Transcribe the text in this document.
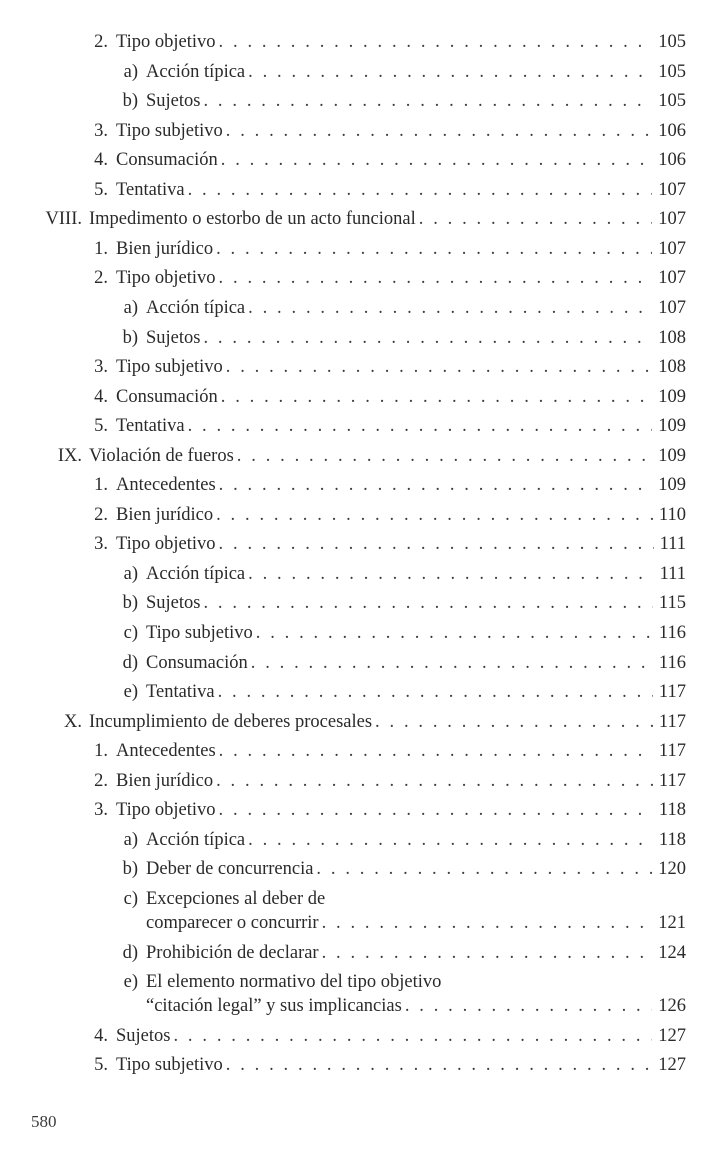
2. Tipo objetivo . . .	105
a) Acción típica . . .	105
b) Sujetos . . .	105
3. Tipo subjetivo . . .	106
4. Consumación . . .	106
5. Tentativa . . .	107
VIII. Impedimento o estorbo de un acto funcional . . .	107
1. Bien jurídico . . .	107
2. Tipo objetivo . . .	107
a) Acción típica . . .	107
b) Sujetos . . .	108
3. Tipo subjetivo . . .	108
4. Consumación . . .	109
5. Tentativa . . .	109
IX. Violación de fueros . . .	109
1. Antecedentes . . .	109
2. Bien jurídico . . .	110
3. Tipo objetivo . . .	111
a) Acción típica . . .	111
b) Sujetos . . .	115
c) Tipo subjetivo . . .	116
d) Consumación . . .	116
e) Tentativa . . .	117
X. Incumplimiento de deberes procesales . . .	117
1. Antecedentes . . .	117
2. Bien jurídico . . .	117
3. Tipo objetivo . . .	118
a) Acción típica . . .	118
b) Deber de concurrencia . . .	120
c) Excepciones al deber de
comparecer o concurrir . . .	121
d) Prohibición de declarar . . .	124
e) El elemento normativo del tipo objetivo
“citación legal” y sus implicancias . . .	126
4. Sujetos . . .	127
5. Tipo subjetivo . . .	127
580
